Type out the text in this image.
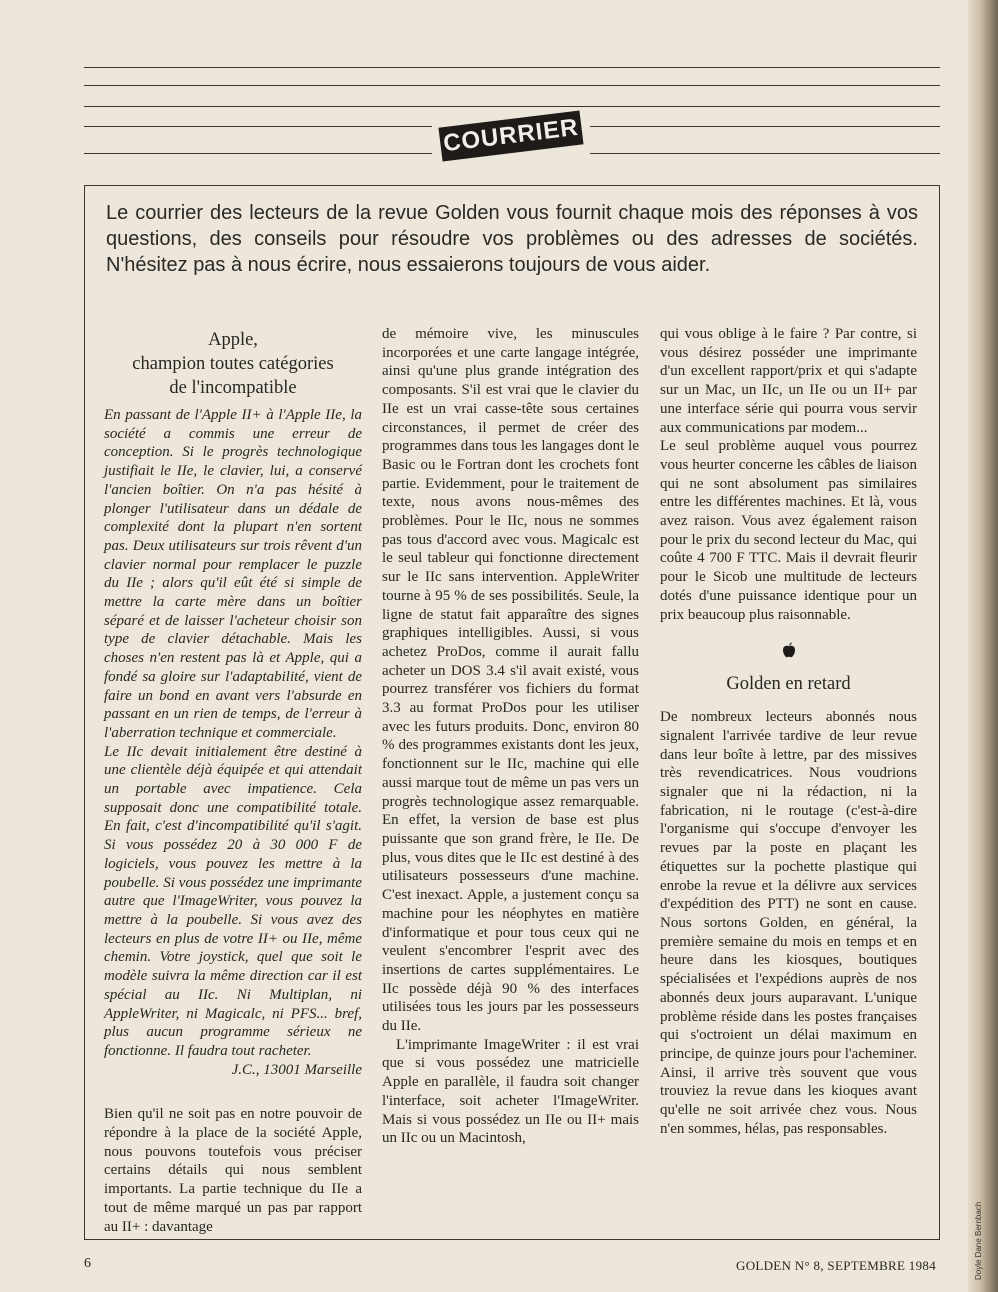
Doyle Dane Bernbach
COURRIER
Le courrier des lecteurs de la revue Golden vous fournit chaque mois des réponses à vos questions, des conseils pour résoudre vos problèmes ou des adresses de sociétés. N'hésitez pas à nous écrire, nous essaierons toujours de vous aider.
Apple,
champion toutes catégories
de l'incompatible

En passant de l'Apple II+ à l'Apple IIe, la société a commis une erreur de conception. Si le progrès technologique justifiait le IIe, le clavier, lui, a conservé l'ancien boîtier. On n'a pas hésité à plonger l'utilisateur dans un dédale de complexité dont la plupart n'en sortent pas. Deux utilisateurs sur trois rêvent d'un clavier normal pour remplacer le puzzle du IIe ; alors qu'il eût été si simple de mettre la carte mère dans un boîtier séparé et de laisser l'acheteur choisir son type de clavier détachable. Mais les choses n'en restent pas là et Apple, qui a fondé sa gloire sur l'adaptabilité, vient de faire un bond en avant vers l'absurde en passant en un rien de temps, de l'erreur à l'aberration technique et commerciale.

Le IIc devait initialement être destiné à une clientèle déjà équipée et qui attendait un portable avec impatience. Cela supposait donc une compatibilité totale. En fait, c'est d'incompatibilité qu'il s'agit. Si vous possédez 20 à 30 000 F de logiciels, vous pouvez les mettre à la poubelle. Si vous possédez une imprimante autre que l'ImageWriter, vous pouvez la mettre à la poubelle. Si vous avez des lecteurs en plus de votre II+ ou IIe, même chemin. Votre joystick, quel que soit le modèle suivra la même direction car il est spécial au IIc. Ni Multiplan, ni AppleWriter, ni Magicalc, ni PFS... bref, plus aucun programme sérieux ne fonctionne. Il faudra tout racheter.

J.C., 13001 Marseille

Bien qu'il ne soit pas en notre pouvoir de répondre à la place de la société Apple, nous pouvons toutefois vous préciser certains détails qui nous semblent importants. La partie technique du IIe a tout de même marqué un pas par rapport au II+ : davantage

de mémoire vive, les minuscules incorporées et une carte langage intégrée, ainsi qu'une plus grande intégration des composants. S'il est vrai que le clavier du IIe est un vrai casse-tête sous certaines circonstances, il permet de créer des programmes dans tous les langages dont le Basic ou le Fortran dont les crochets font partie. Evidemment, pour le traitement de texte, nous avons nous-mêmes des problèmes. Pour le IIc, nous ne sommes pas tous d'accord avec vous. Magicalc est le seul tableur qui fonctionne directement sur le IIc sans intervention. AppleWriter tourne à 95 % de ses possibilités. Seule, la ligne de statut fait apparaître des signes graphiques intelligibles. Aussi, si vous achetez ProDos, comme il aurait fallu acheter un DOS 3.4 s'il avait existé, vous pourrez transférer vos fichiers du format 3.3 au format ProDos pour les utiliser avec les futurs produits. Donc, environ 80 % des programmes existants dont les jeux, fonctionnent sur le IIc, machine qui elle aussi marque tout de même un pas vers un progrès technologique assez remarquable. En effet, la version de base est plus puissante que son grand frère, le IIe. De plus, vous dites que le IIc est destiné à des utilisateurs possesseurs d'une machine. C'est inexact. Apple, a justement conçu sa machine pour les néophytes en matière d'informatique et pour tous ceux qui ne veulent s'encombrer l'esprit avec des insertions de cartes supplémentaires. Le IIc possède déjà 90 % des interfaces utilisées tous les jours par les possesseurs du IIe.

L'imprimante ImageWriter : il est vrai que si vous possédez une matricielle Apple en parallèle, il faudra soit changer l'interface, soit acheter l'ImageWriter. Mais si vous possédez un IIe ou II+ mais un IIc ou un Macintosh,

qui vous oblige à le faire ? Par contre, si vous désirez posséder une imprimante d'un excellent rapport/prix et qui s'adapte sur un Mac, un IIc, un IIe ou un II+ par une interface série qui pourra vous servir aux communications par modem...

Le seul problème auquel vous pourrez vous heurter concerne les câbles de liaison qui ne sont absolument pas similaires entre les différentes machines. Et là, vous avez raison. Vous avez également raison pour le prix du second lecteur du Mac, qui coûte 4 700 F TTC. Mais il devrait fleurir pour le Sicob une multitude de lecteurs dotés d'une puissance identique pour un prix beaucoup plus raisonnable.

Golden en retard

De nombreux lecteurs abonnés nous signalent l'arrivée tardive de leur revue dans leur boîte à lettre, par des missives très revendicatrices. Nous voudrions signaler que ni la rédaction, ni la fabrication, ni le routage (c'est-à-dire l'organisme qui s'occupe d'envoyer les revues par la poste en plaçant les étiquettes sur la pochette plastique qui enrobe la revue et la délivre aux services d'expédition des PTT) ne sont en cause. Nous sortons Golden, en général, la première semaine du mois en temps et en heure dans les kiosques, boutiques spécialisées et l'expédions auprès de nos abonnés deux jours auparavant. L'unique problème réside dans les postes françaises qui s'octroient un délai maximum en principe, de quinze jours pour l'acheminer. Ainsi, il arrive très souvent que vous trouviez la revue dans les kioques avant qu'elle ne soit arrivée chez vous. Nous n'en sommes, hélas, pas responsables.

6	GOLDEN N° 8, SEPTEMBRE 1984
